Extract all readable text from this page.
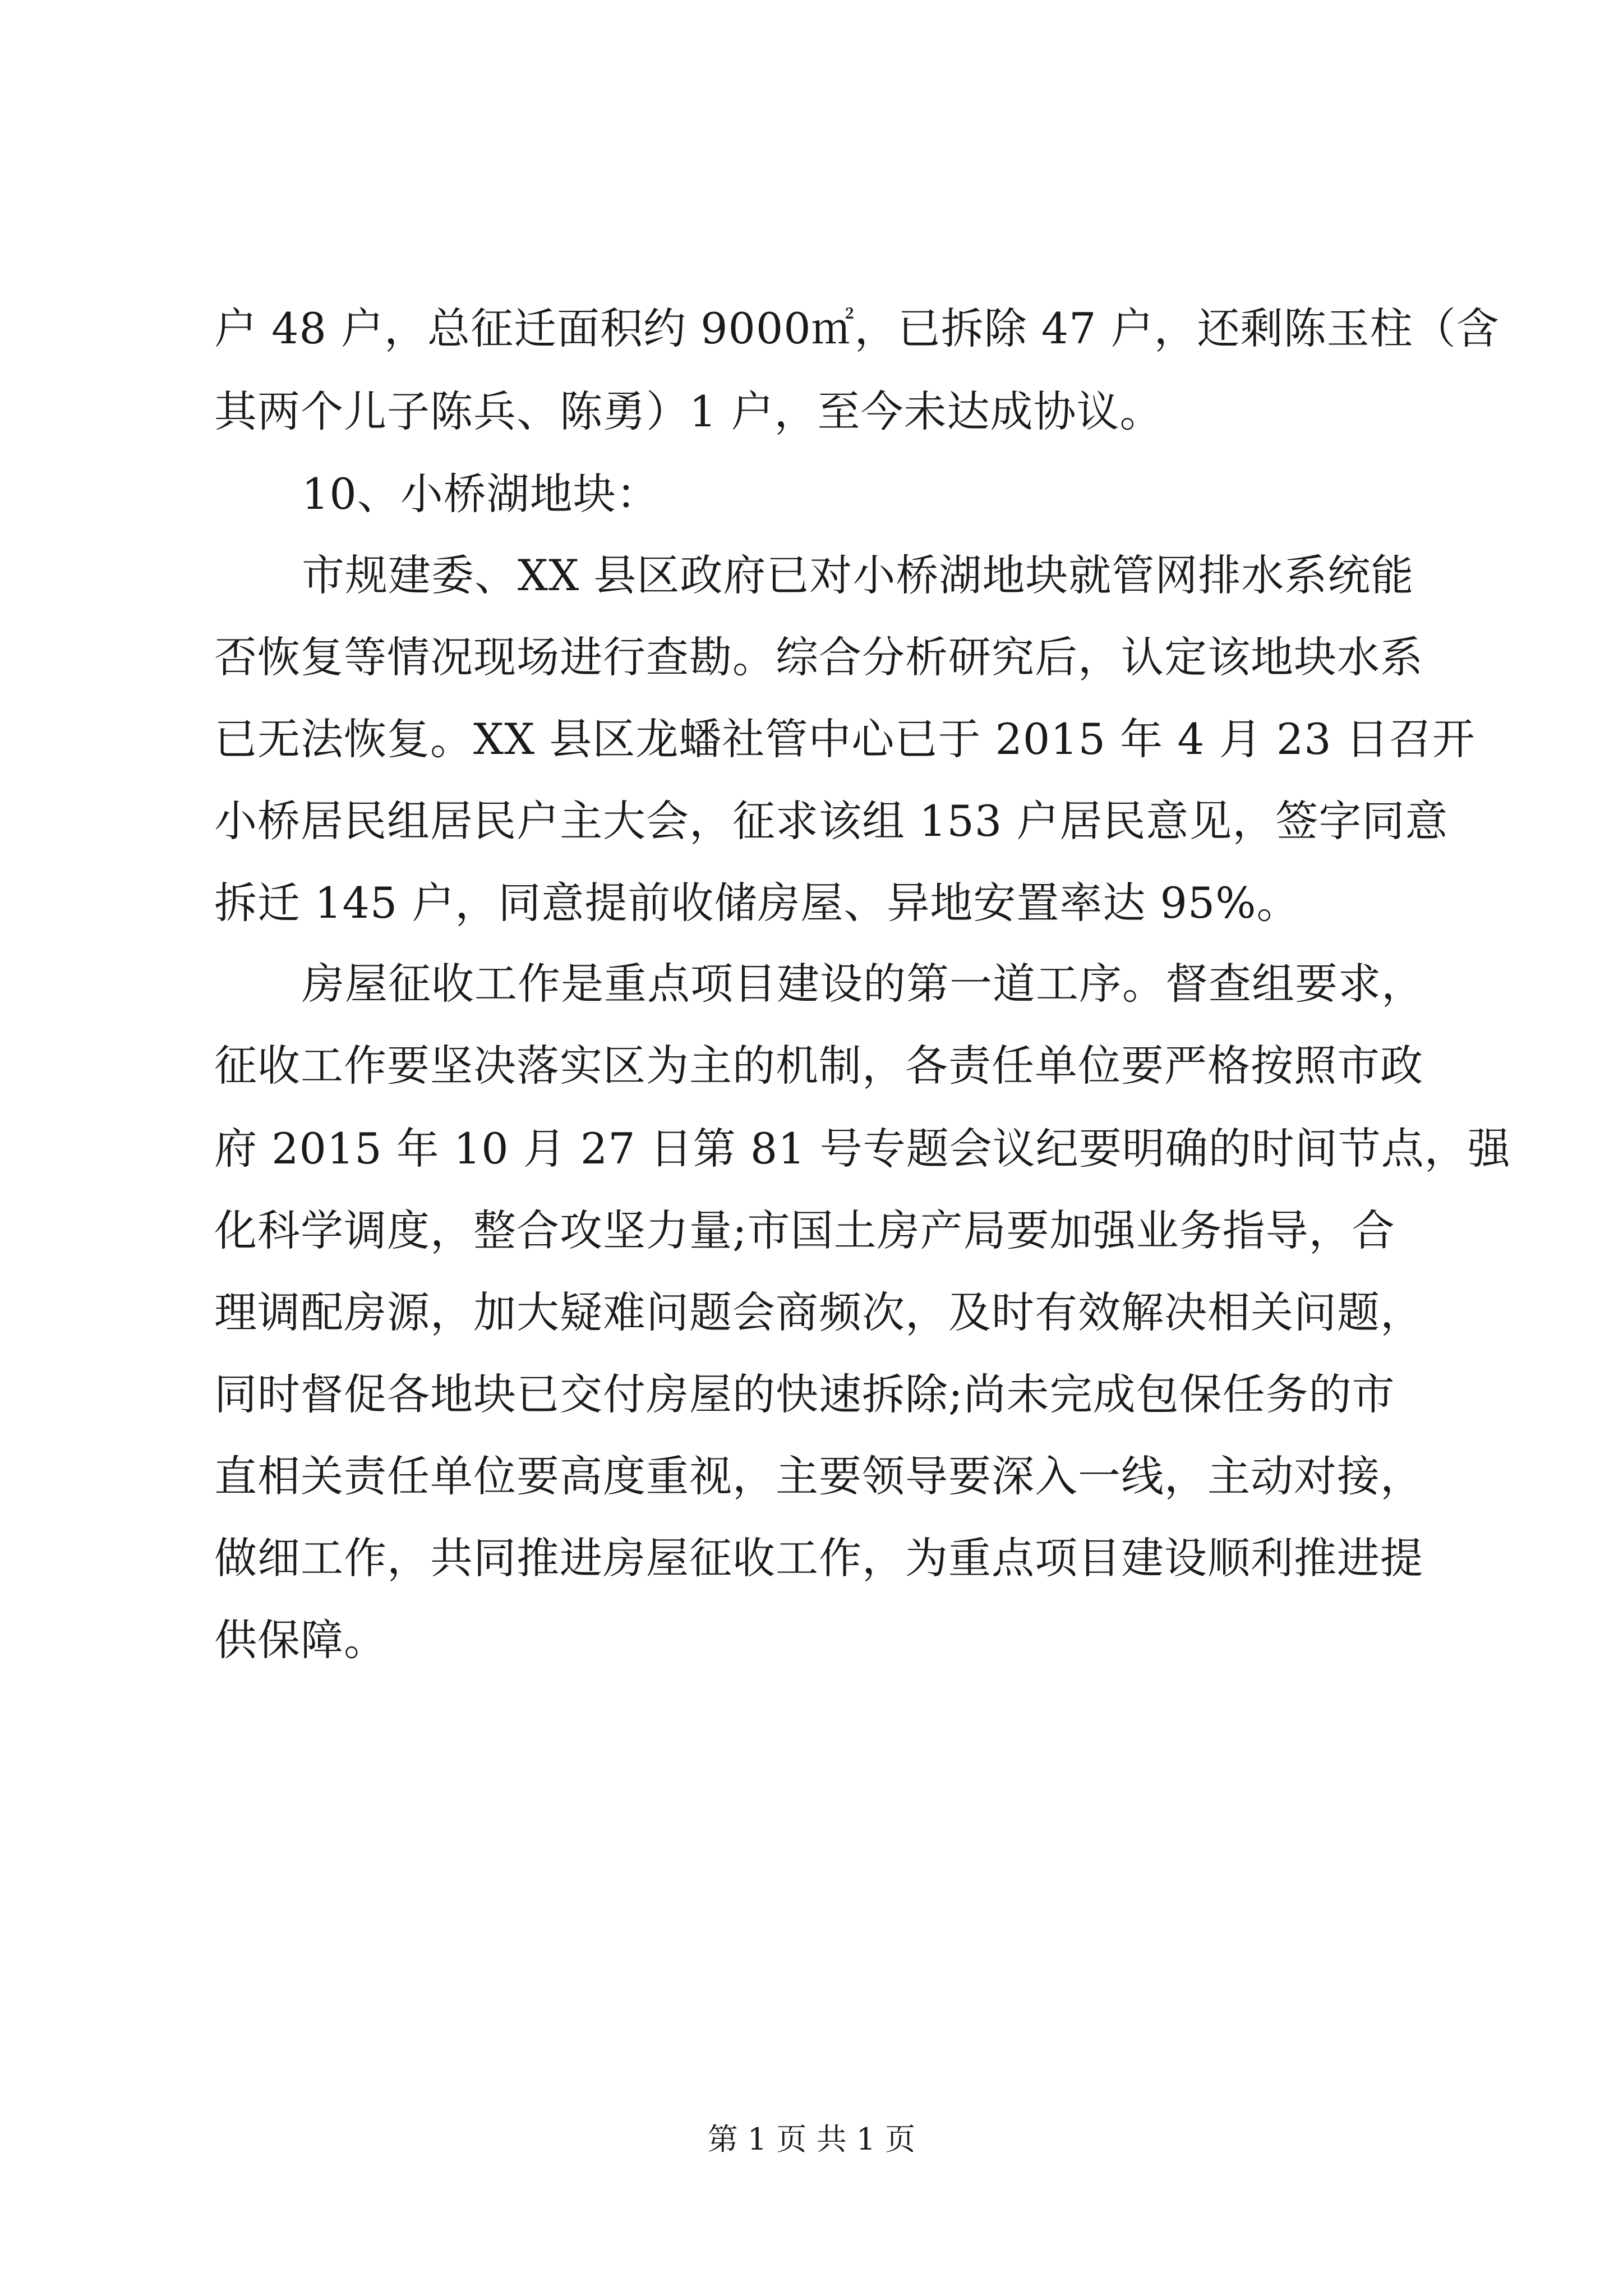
户 48 户，总征迁面积约 9000㎡，已拆除 47 户，还剩陈玉柱（含
其两个儿子陈兵、陈勇）1 户，至今未达成协议。
10、小桥湖地块：
市规建委、XX 县区政府已对小桥湖地块就管网排水系统能
否恢复等情况现场进行查勘。综合分析研究后，认定该地块水系
已无法恢复。XX 县区龙蟠社管中心已于 2015 年 4 月 23 日召开
小桥居民组居民户主大会，征求该组 153 户居民意见，签字同意
拆迁 145 户，同意提前收储房屋、异地安置率达 95%。
房屋征收工作是重点项目建设的第一道工序。督查组要求，
征收工作要坚决落实区为主的机制，各责任单位要严格按照市政
府 2015 年 10 月 27 日第 81 号专题会议纪要明确的时间节点，强
化科学调度，整合攻坚力量;市国土房产局要加强业务指导，合
理调配房源，加大疑难问题会商频次，及时有效解决相关问题，
同时督促各地块已交付房屋的快速拆除;尚未完成包保任务的市
直相关责任单位要高度重视，主要领导要深入一线，主动对接，
做细工作，共同推进房屋征收工作，为重点项目建设顺利推进提
供保障。
第 1 页 共 1 页
